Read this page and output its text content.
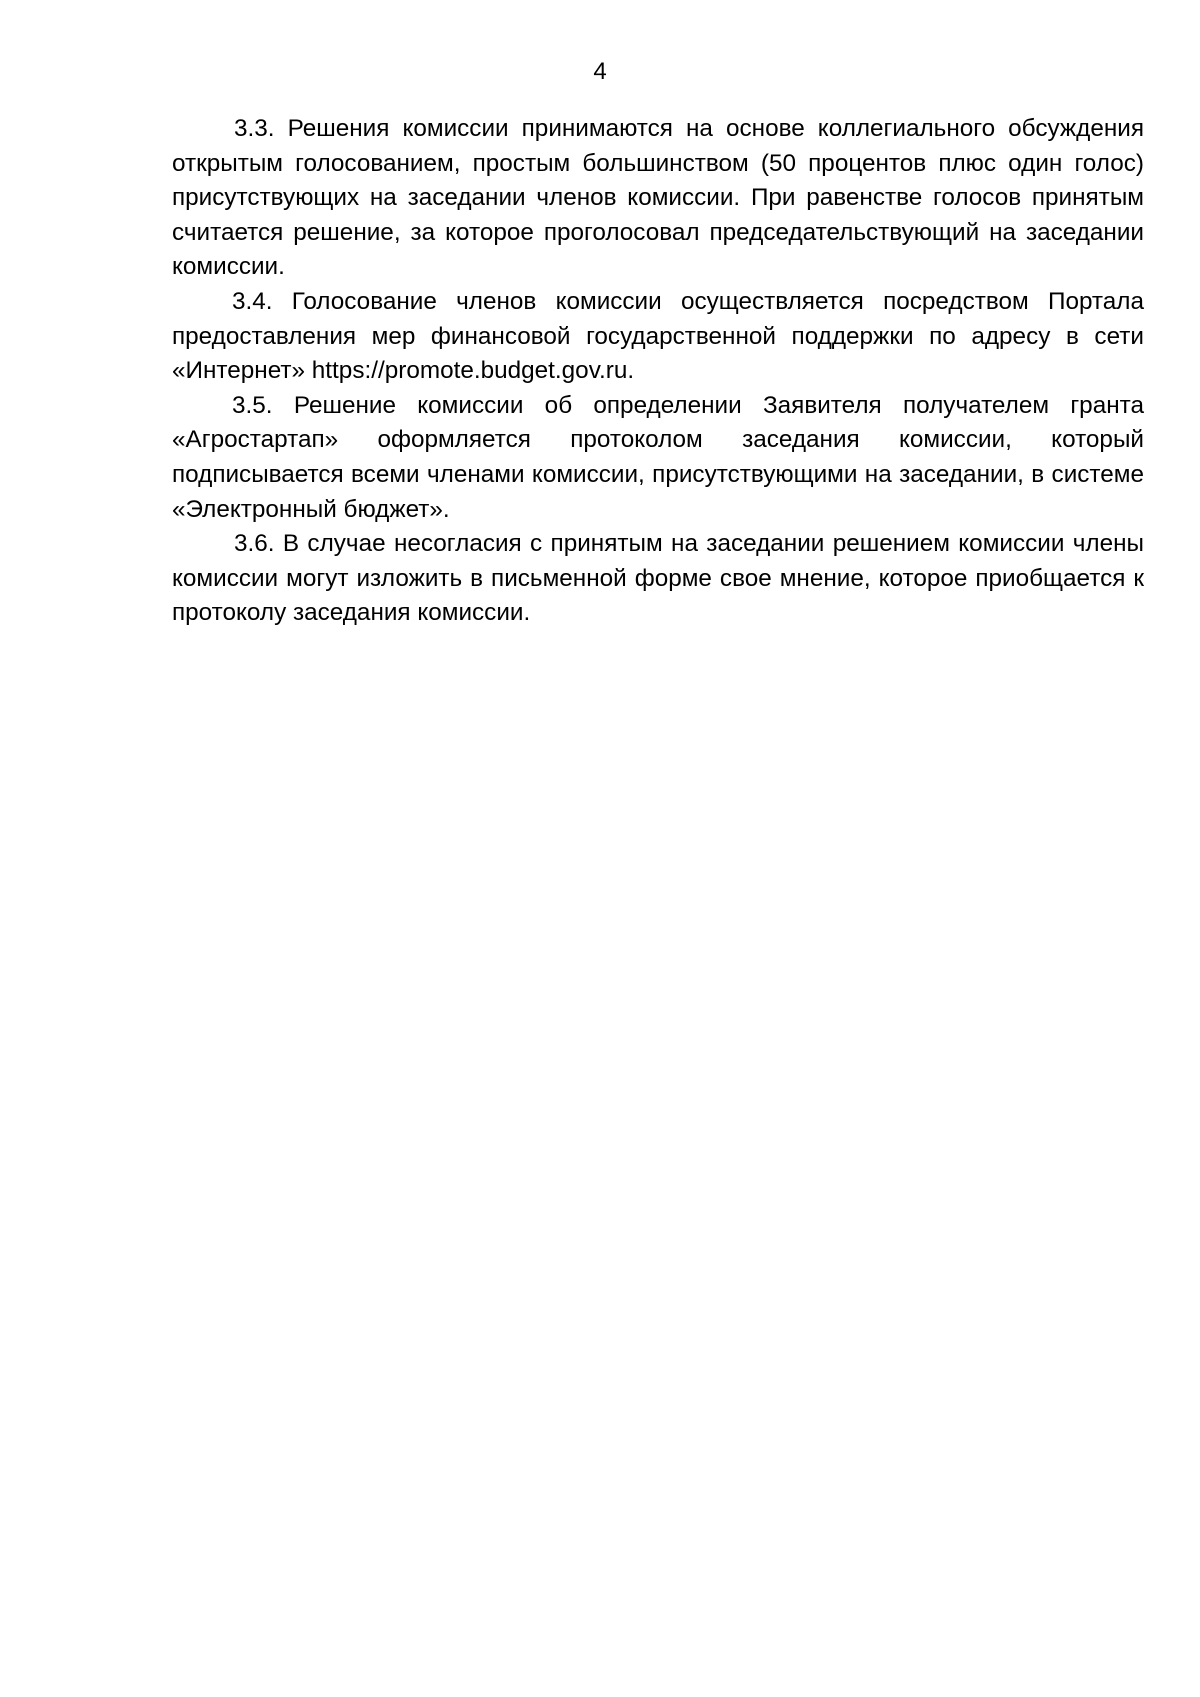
4

3.3. Решения комиссии принимаются на основе коллегиального обсуждения открытым голосованием, простым большинством (50 процентов плюс один голос) присутствующих на заседании членов комиссии. При равенстве голосов принятым считается решение, за которое проголосовал председательствующий на заседании комиссии.

3.4. Голосование членов комиссии осуществляется посредством Портала предоставления мер финансовой государственной поддержки по адресу в сети «Интернет» https://promote.budget.gov.ru.

3.5. Решение комиссии об определении Заявителя получателем гранта «Агростартап» оформляется протоколом заседания комиссии, который подписывается всеми членами комиссии, присутствующими на заседании, в системе «Электронный бюджет».

3.6. В случае несогласия с принятым на заседании решением комиссии члены комиссии могут изложить в письменной форме свое мнение, которое приобщается к протоколу заседания комиссии.
